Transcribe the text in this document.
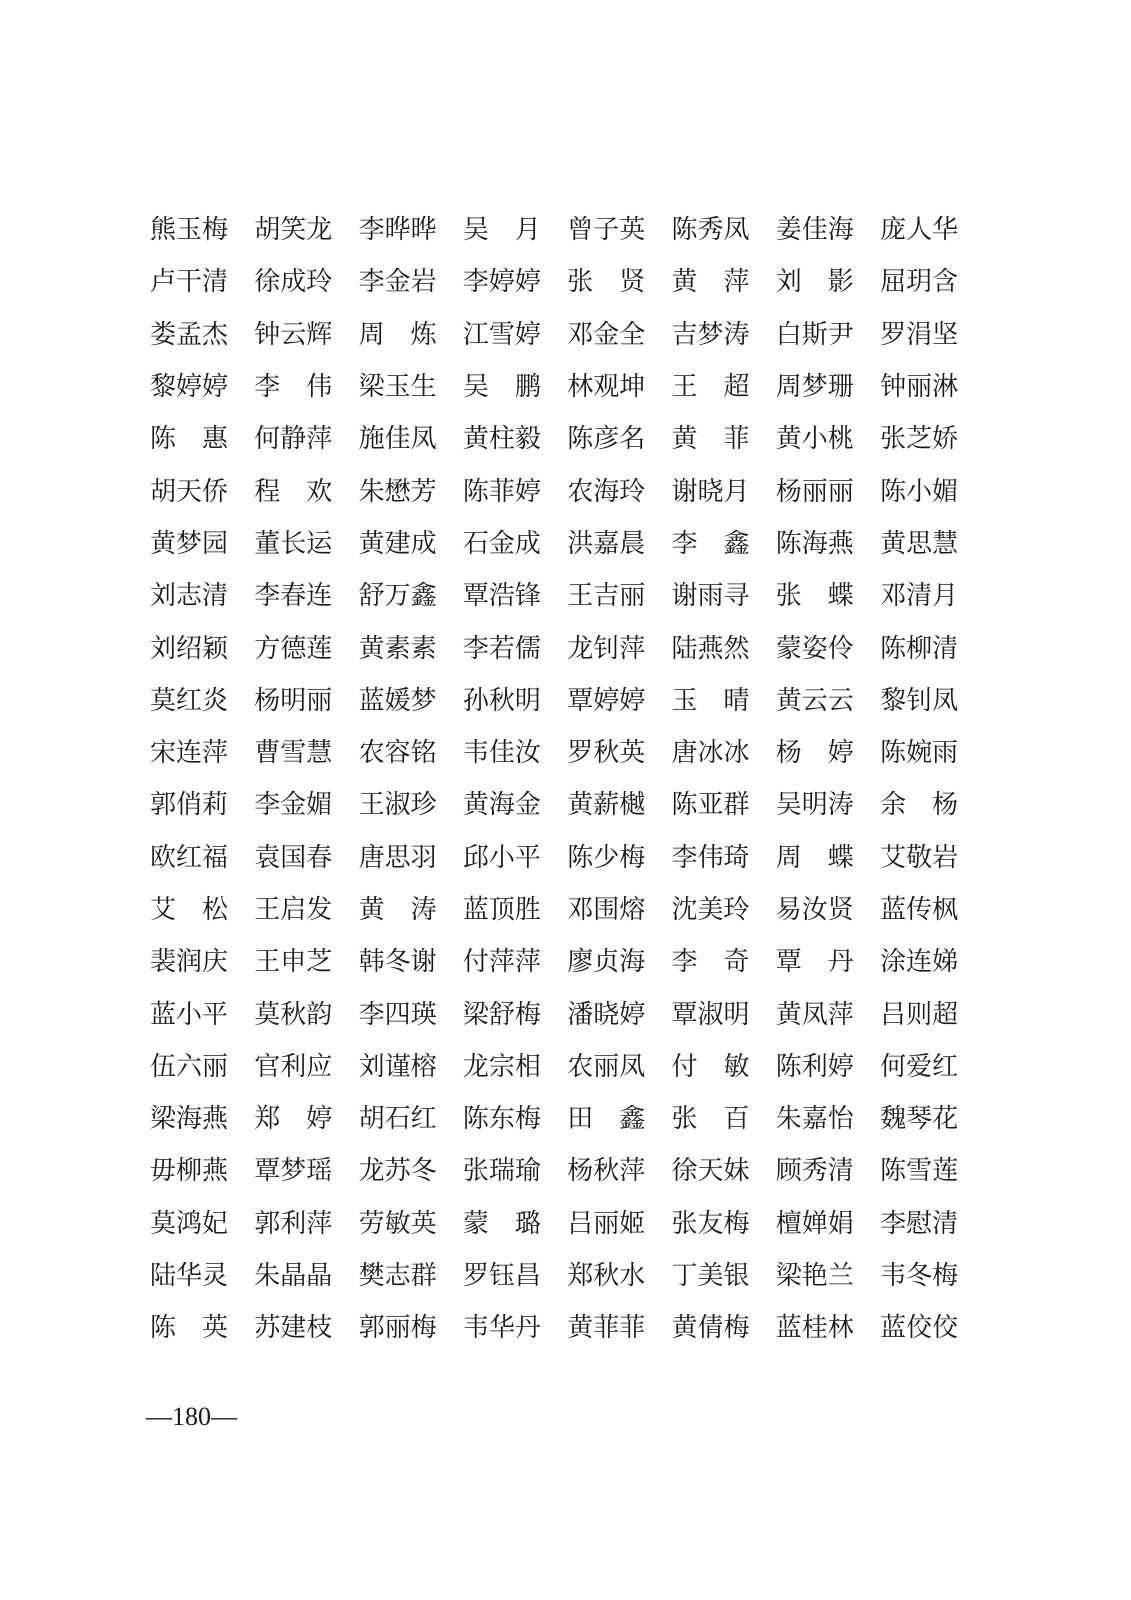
熊玉梅	胡笑龙	李晔晔	吴 月	曾子英	陈秀凤	姜佳海	庞人华
卢干清	徐成玲	李金岩	李婷婷	张 贤	黄 萍	刘 影	屈玥含
娄孟杰	钟云辉	周 炼	江雪婷	邓金全	吉梦涛	白斯尹	罗涓坚
黎婷婷	李 伟	梁玉生	吴 鹏	林观坤	王 超	周梦珊	钟丽淋
陈 惠	何静萍	施佳凤	黄柱毅	陈彦名	黄 菲	黄小桃	张芝娇
胡天侨	程 欢	朱懋芳	陈菲婷	农海玲	谢晓月	杨丽丽	陈小媚
黄梦园	董长运	黄建成	石金成	洪嘉晨	李 鑫	陈海燕	黄思慧
刘志清	李春连	舒万鑫	覃浩锋	王吉丽	谢雨寻	张 蝶	邓清月
刘绍颖	方德莲	黄素素	李若儒	龙钊萍	陆燕然	蒙姿伶	陈柳清
莫红炎	杨明丽	蓝媛梦	孙秋明	覃婷婷	玉 晴	黄云云	黎钊凤
宋连萍	曹雪慧	农容铭	韦佳汝	罗秋英	唐冰冰	杨 婷	陈婉雨
郭俏莉	李金媚	王淑珍	黄海金	黄薪樾	陈亚群	吴明涛	余 杨
欧红福	袁国春	唐思羽	邱小平	陈少梅	李伟琦	周 蝶	艾敬岩
艾 松	王启发	黄 涛	蓝顶胜	邓围熔	沈美玲	易汝贤	蓝传枫
裴润庆	王申芝	韩冬谢	付萍萍	廖贞海	李 奇	覃 丹	涂连娣
蓝小平	莫秋韵	李四瑛	梁舒梅	潘晓婷	覃淑明	黄凤萍	吕则超
伍六丽	官利应	刘谨榕	龙宗相	农丽凤	付 敏	陈利婷	何爱红
梁海燕	郑 婷	胡石红	陈东梅	田 鑫	张 百	朱嘉怡	魏琴花
毋柳燕	覃梦瑶	龙苏冬	张瑞瑜	杨秋萍	徐天妹	顾秀清	陈雪莲
莫鸿妃	郭利萍	劳敏英	蒙 璐	吕丽姬	张友梅	檀婵娟	李慰清
陆华灵	朱晶晶	樊志群	罗钰昌	郑秋水	丁美银	梁艳兰	韦冬梅
陈 英	苏建枝	郭丽梅	韦华丹	黄菲菲	黄倩梅	蓝桂林	蓝佼佼
—180—
